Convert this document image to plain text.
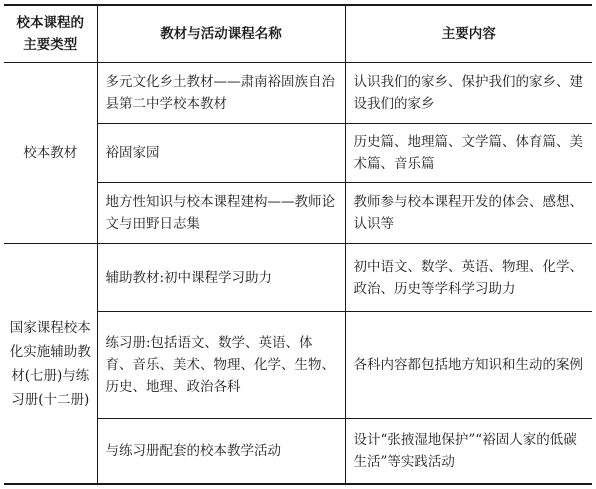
校本课程的主要类型	教材与活动课程名称	主要内容
校本教材	多元文化乡土教材——肃南裕固族自治县第二中学校本教材	认识我们的家乡、保护我们的家乡、建设我们的家乡
	裕固家园	历史篇、地理篇、文学篇、体育篇、美术篇、音乐篇
	地方性知识与校本课程建构——教师论文与田野日志集	教师参与校本课程开发的体会、感想、认识等
国家课程校本化实施辅助教材(七册)与练习册(十二册)	辅助教材:初中课程学习助力	初中语文、数学、英语、物理、化学、政治、历史等学科学习助力
	练习册:包括语文、数学、英语、体育、音乐、美术、物理、化学、生物、历史、地理、政治各科	各科内容都包括地方知识和生动的案例
	与练习册配套的校本教学活动	设计“张掖湿地保护”“裕固人家的低碳生活”等实践活动
